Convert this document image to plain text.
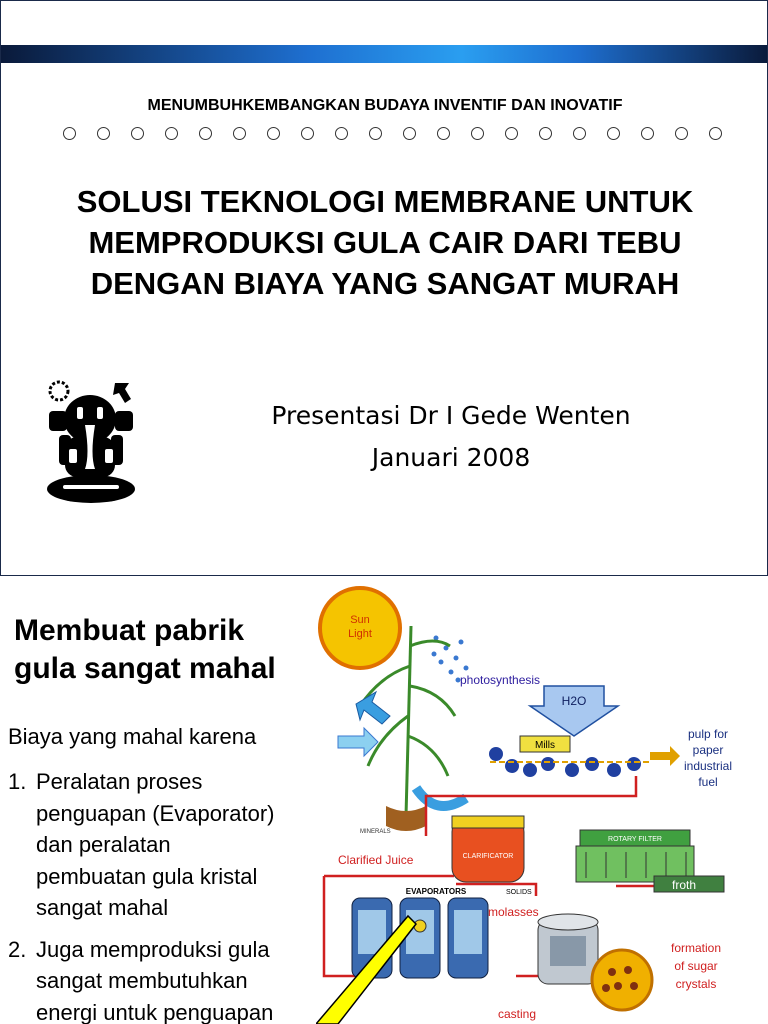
MENUMBUHKEMBANGKAN BUDAYA INVENTIF DAN INOVATIF
SOLUSI TEKNOLOGI MEMBRANE UNTUK
MEMPRODUKSI GULA CAIR DARI TEBU
DENGAN BIAYA YANG SANGAT MURAH
Presentasi Dr I Gede Wenten
Januari 2008
Membuat pabrik
gula sangat mahal
Biaya yang mahal karena
1. Peralatan proses
penguapan (Evaporator)
dan peralatan
pembuatan gula kristal
sangat mahal
2. Juga memproduksi gula
sangat membutuhkan
energi untuk penguapan
Sun
Light
MINERALS
photosynthesis
H2O
Mills
pulp for
paper
industrial
fuel
CLARIFICATOR
Clarified Juice
SOLIDS
ROTARY FILTER
froth
EVAPORATORS
molasses
formation
of sugar
crystals
casting
